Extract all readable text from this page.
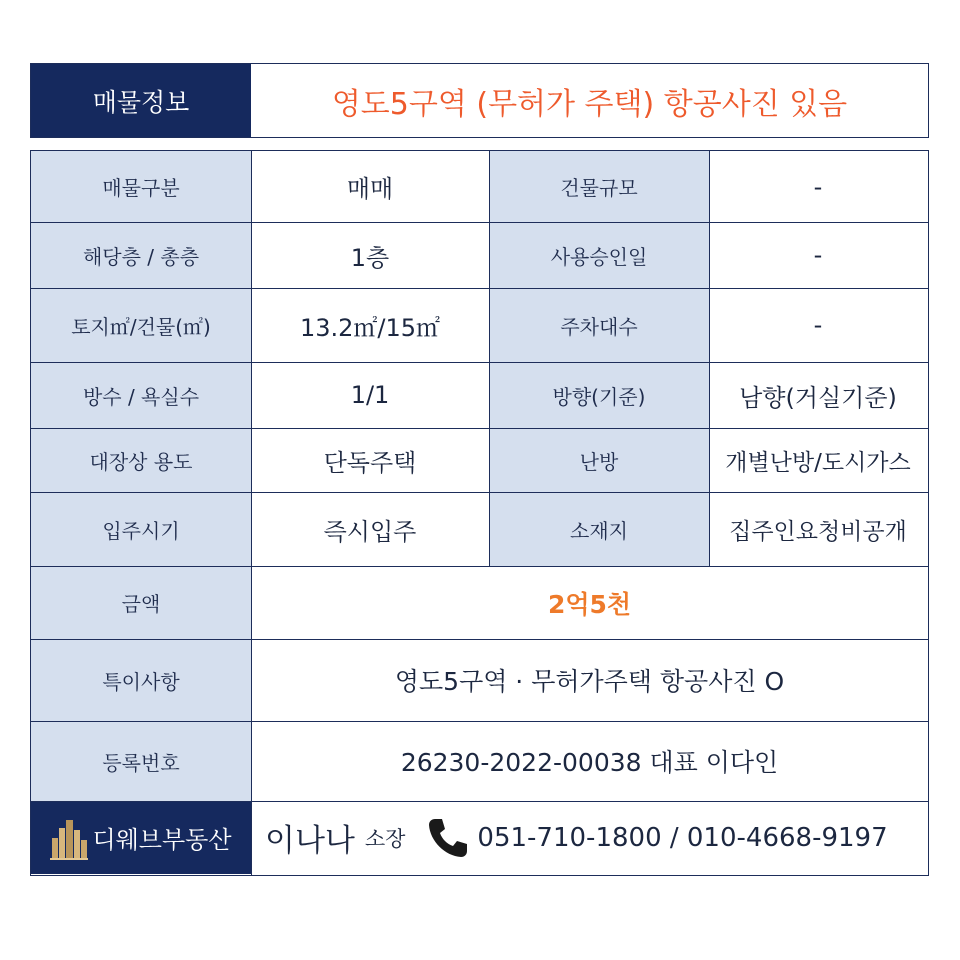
매물정보	영도5구역 (무허가 주택) 항공사진 있음
매물구분	매매	건물규모	-
해당층 / 총층	1층	사용승인일	-
토지㎡/건물(㎡)	13.2㎡/15㎡	주차대수	-
방수 / 욕실수	1/1	방향(기준)	남향(거실기준)
대장상 용도	단독주택	난방	개별난방/도시가스
입주시기	즉시입주	소재지	집주인요청비공개
금액	2억5천
특이사항	영도5구역 · 무허가주택 항공사진 O
등록번호	26230-2022-00038 대표 이다인
디웨브부동산 이나나 소장	051-710-1800 / 010-4668-9197
